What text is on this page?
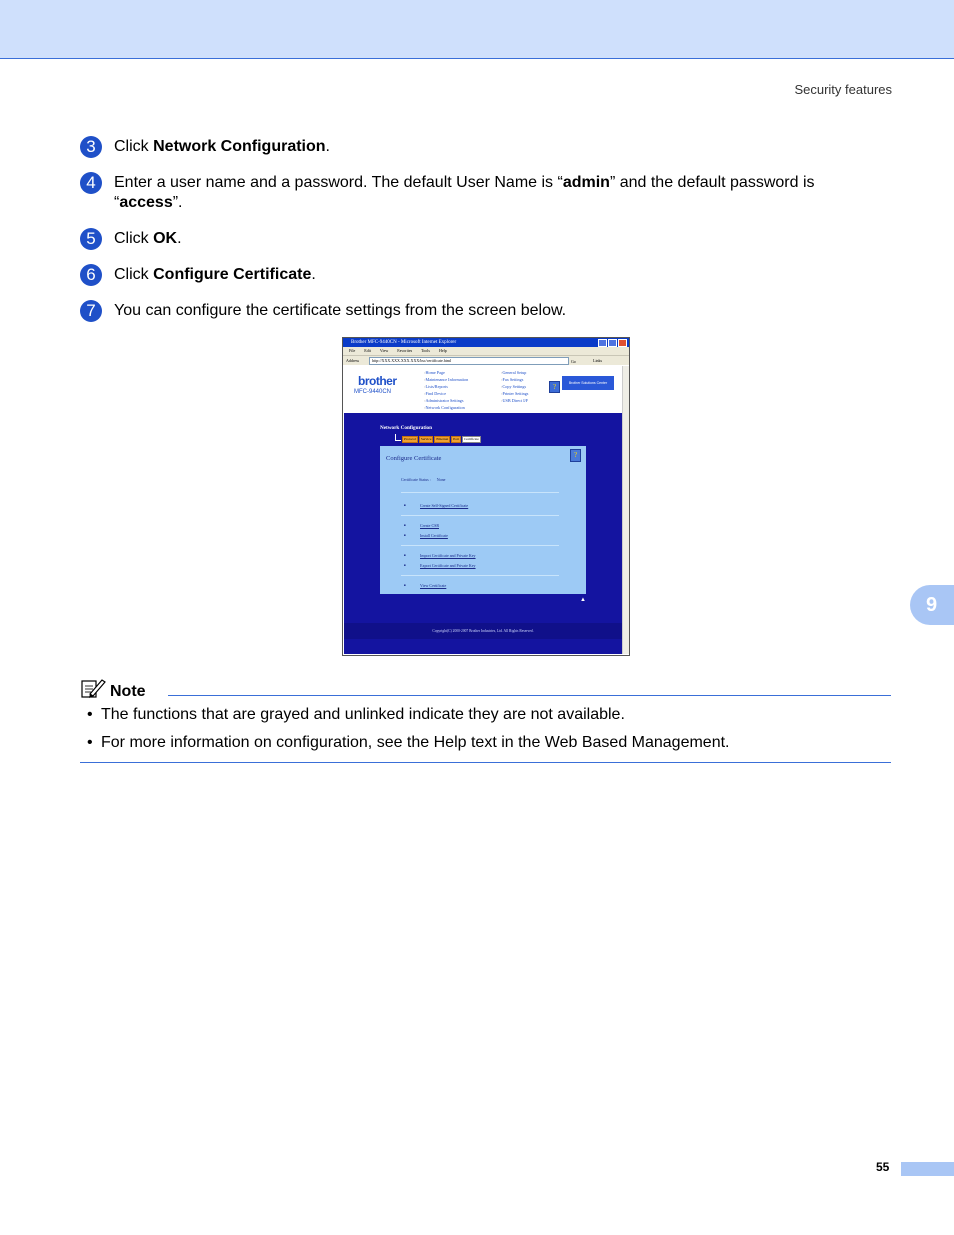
Security features
3	Click Network Configuration.
4	Enter a user name and a password. The default User Name is “admin” and the default password is “access”.
5	Click OK.
6	Click Configure Certificate.
7	You can configure the certificate settings from the screen below.
9
Brother MFC-9440CN - Microsoft Internet Explorer
File Edit View Favorites Tools Help
Address	http://XXX.XXX.XXX.XXX/bsc/certificate.html	Go	Links
brother
MFC-9440CN
◦ Home Page
◦ Maintenance Information
◦ Lists/Reports
◦ Find Device
◦ Administrator Settings
◦ Network Configuration
◦ General Setup
◦ Fax Settings
◦ Copy Settings
◦ Printer Settings
◦ USB Direct I/F
?	Brother Solutions Center
Network Configuration
Protocol Service Ethernet Port Certificate
Configure Certificate	?
Certificate Status : None
■ Create Self-Signed Certificate
■ Create CSR
■ Install Certificate
■ Import Certificate and Private Key
■ Export Certificate and Private Key
■ View Certificate
▲
Copyright(C) 2000-2007 Brother Industries, Ltd. All Rights Reserved.
Note
• The functions that are grayed and unlinked indicate they are not available.
• For more information on configuration, see the Help text in the Web Based Management.
55
